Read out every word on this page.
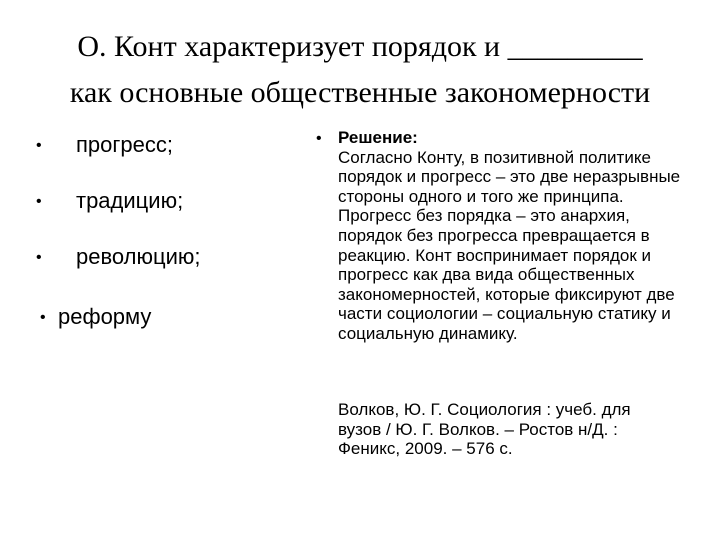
О. Конт характеризует порядок и _________
как основные общественные закономерности
• прогресс;
• традицию;
• революцию;
• реформу
• Решение:
Согласно Конту, в позитивной политике порядок и прогресс – это две неразрывные стороны одного и того же принципа. Прогресс без порядка – это анархия, порядок без прогресса превращается в реакцию. Конт воспринимает порядок и прогресс как два вида общественных закономерностей, которые фиксируют две части социологии – социальную статику и социальную динамику.
Волков, Ю. Г. Социология : учеб. для вузов / Ю. Г. Волков. – Ростов н/Д. : Феникс, 2009. – 576 с.
